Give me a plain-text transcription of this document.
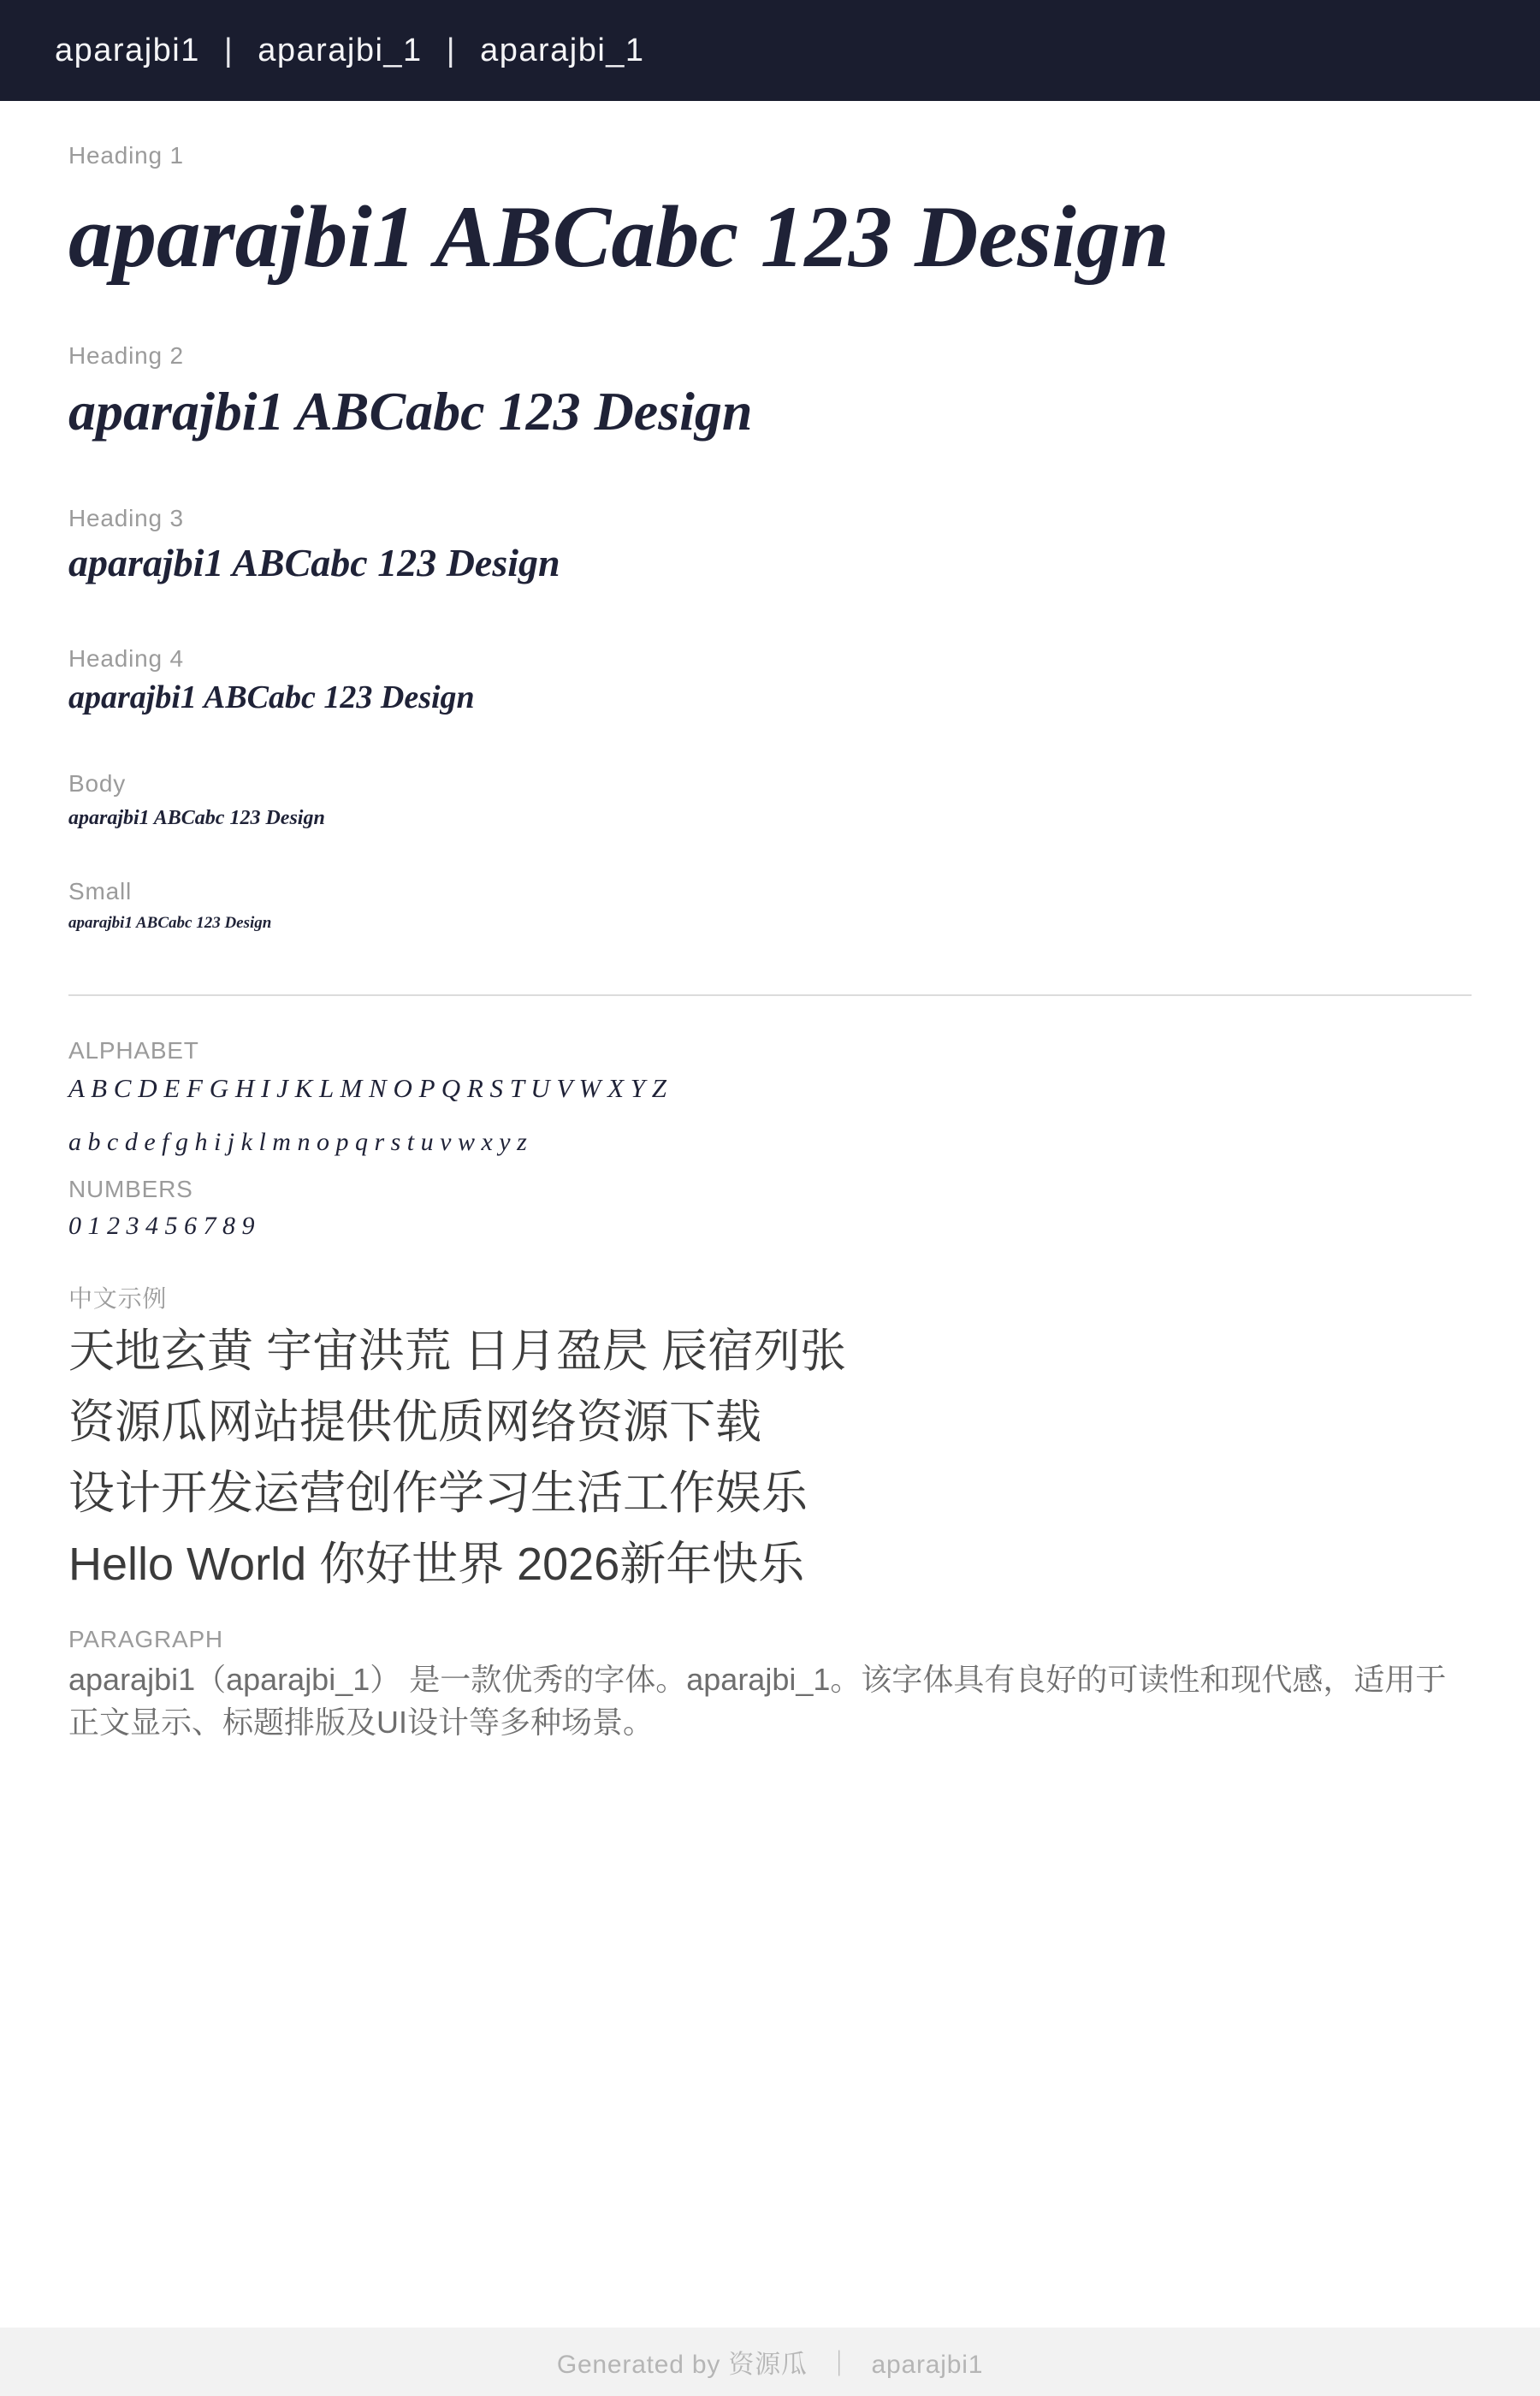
aparajbi1 | aparajbi_1 | aparajbi_1
Heading 1
aparajbi1 ABCabc 123 Design
Heading 2
aparajbi1 ABCabc 123 Design
Heading 3
aparajbi1 ABCabc 123 Design
Heading 4
aparajbi1 ABCabc 123 Design
Body
aparajbi1 ABCabc 123 Design
Small
aparajbi1 ABCabc 123 Design
ALPHABET
A B C D E F G H I J K L M N O P Q R S T U V W X Y Z
a b c d e f g h i j k l m n o p q r s t u v w x y z
NUMBERS
0 1 2 3 4 5 6 7 8 9
中文示例
天地玄黄 宇宙洪荒 日月盈昃 辰宿列张
资源瓜网站提供优质网络资源下载
设计开发运营创作学习生活工作娱乐
Hello World 你好世界 2026新年快乐
PARAGRAPH
aparajbi1（aparajbi_1） 是一款优秀的字体。aparajbi_1。该字体具有良好的可读性和现代感，适用于正文显示、标题排版及UI设计等多种场景。
Generated by 资源瓜 ｜ aparajbi1
